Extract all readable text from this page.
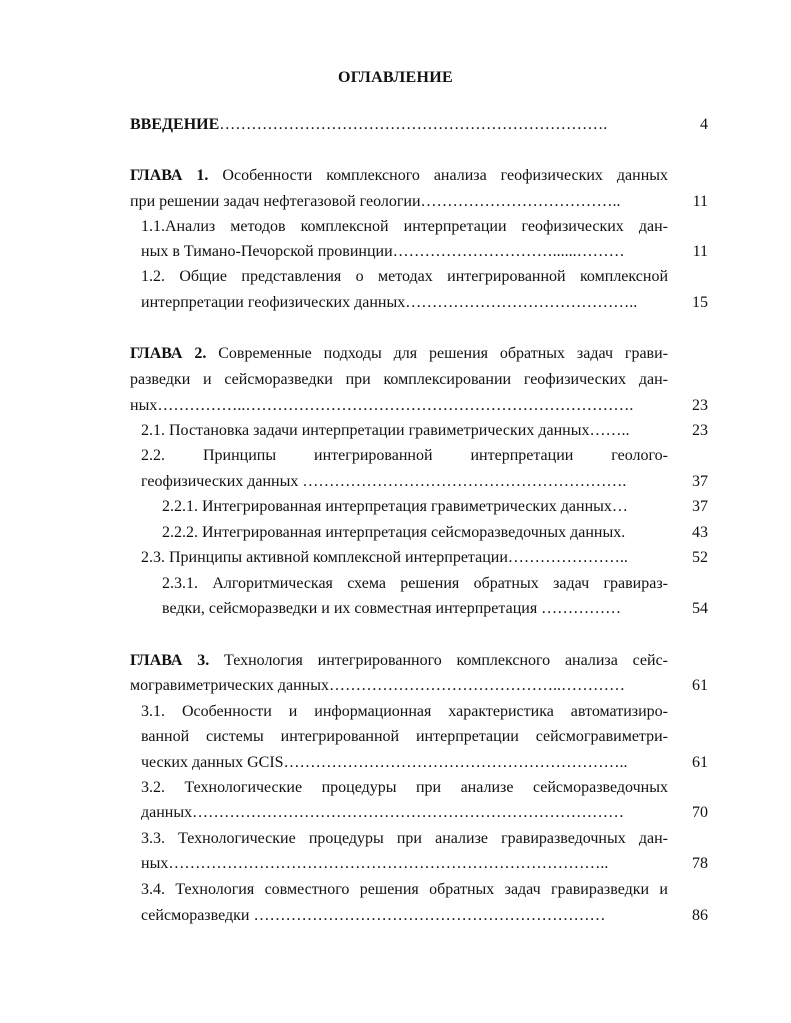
ОГЛАВЛЕНИЕ
ВВЕДЕНИЕ……………………………………………………………….	4
ГЛАВА 1. Особенности комплексного анализа геофизических данных
при решении задач нефтегазовой геологии………………………………..	11
1.1.Анализ методов комплексной интерпретации геофизических дан-
ных в Тимано-Печорской провинции…………………………......………	11
1.2. Общие представления о методах интегрированной комплексной
интерпретации геофизических данных……………………………………..	15
ГЛАВА 2. Современные подходы для решения обратных задач грави-
разведки и сейсморазведки при комплексировании геофизических дан-
ных……………..……………………………………………………………….	23
2.1. Постановка задачи интерпретации гравиметрических данных……..	23
2.2. Принципы интегрированной интерпретации геолого-
геофизических данных …………………………………………………….	37
2.2.1. Интегрированная интерпретация гравиметрических данных…	37
2.2.2. Интегрированная интерпретация сейсморазведочных данных.	43
2.3. Принципы активной комплексной интерпретации…………………..	52
2.3.1. Алгоритмическая схема решения обратных задач гравираз-
ведки, сейсморазведки и их совместная интерпретация ……………	54
ГЛАВА 3. Технология интегрированного комплексного анализа сейс-
могравиметрических данных……………………………………..…………	61
3.1. Особенности и информационная характеристика автоматизиро-
ванной системы интегрированной интерпретации сейсмогравиметри-
ческих данных GCIS………………………………………………………..	61
3.2. Технологические процедуры при анализе сейсморазведочных
данных………………………………………………………………………	70
3.3. Технологические процедуры при анализе гравиразведочных дан-
ных………………………………………………………………………..	78
3.4. Технология совместного решения обратных задач гравиразведки и
сейсморазведки …………………………………………………………	86
